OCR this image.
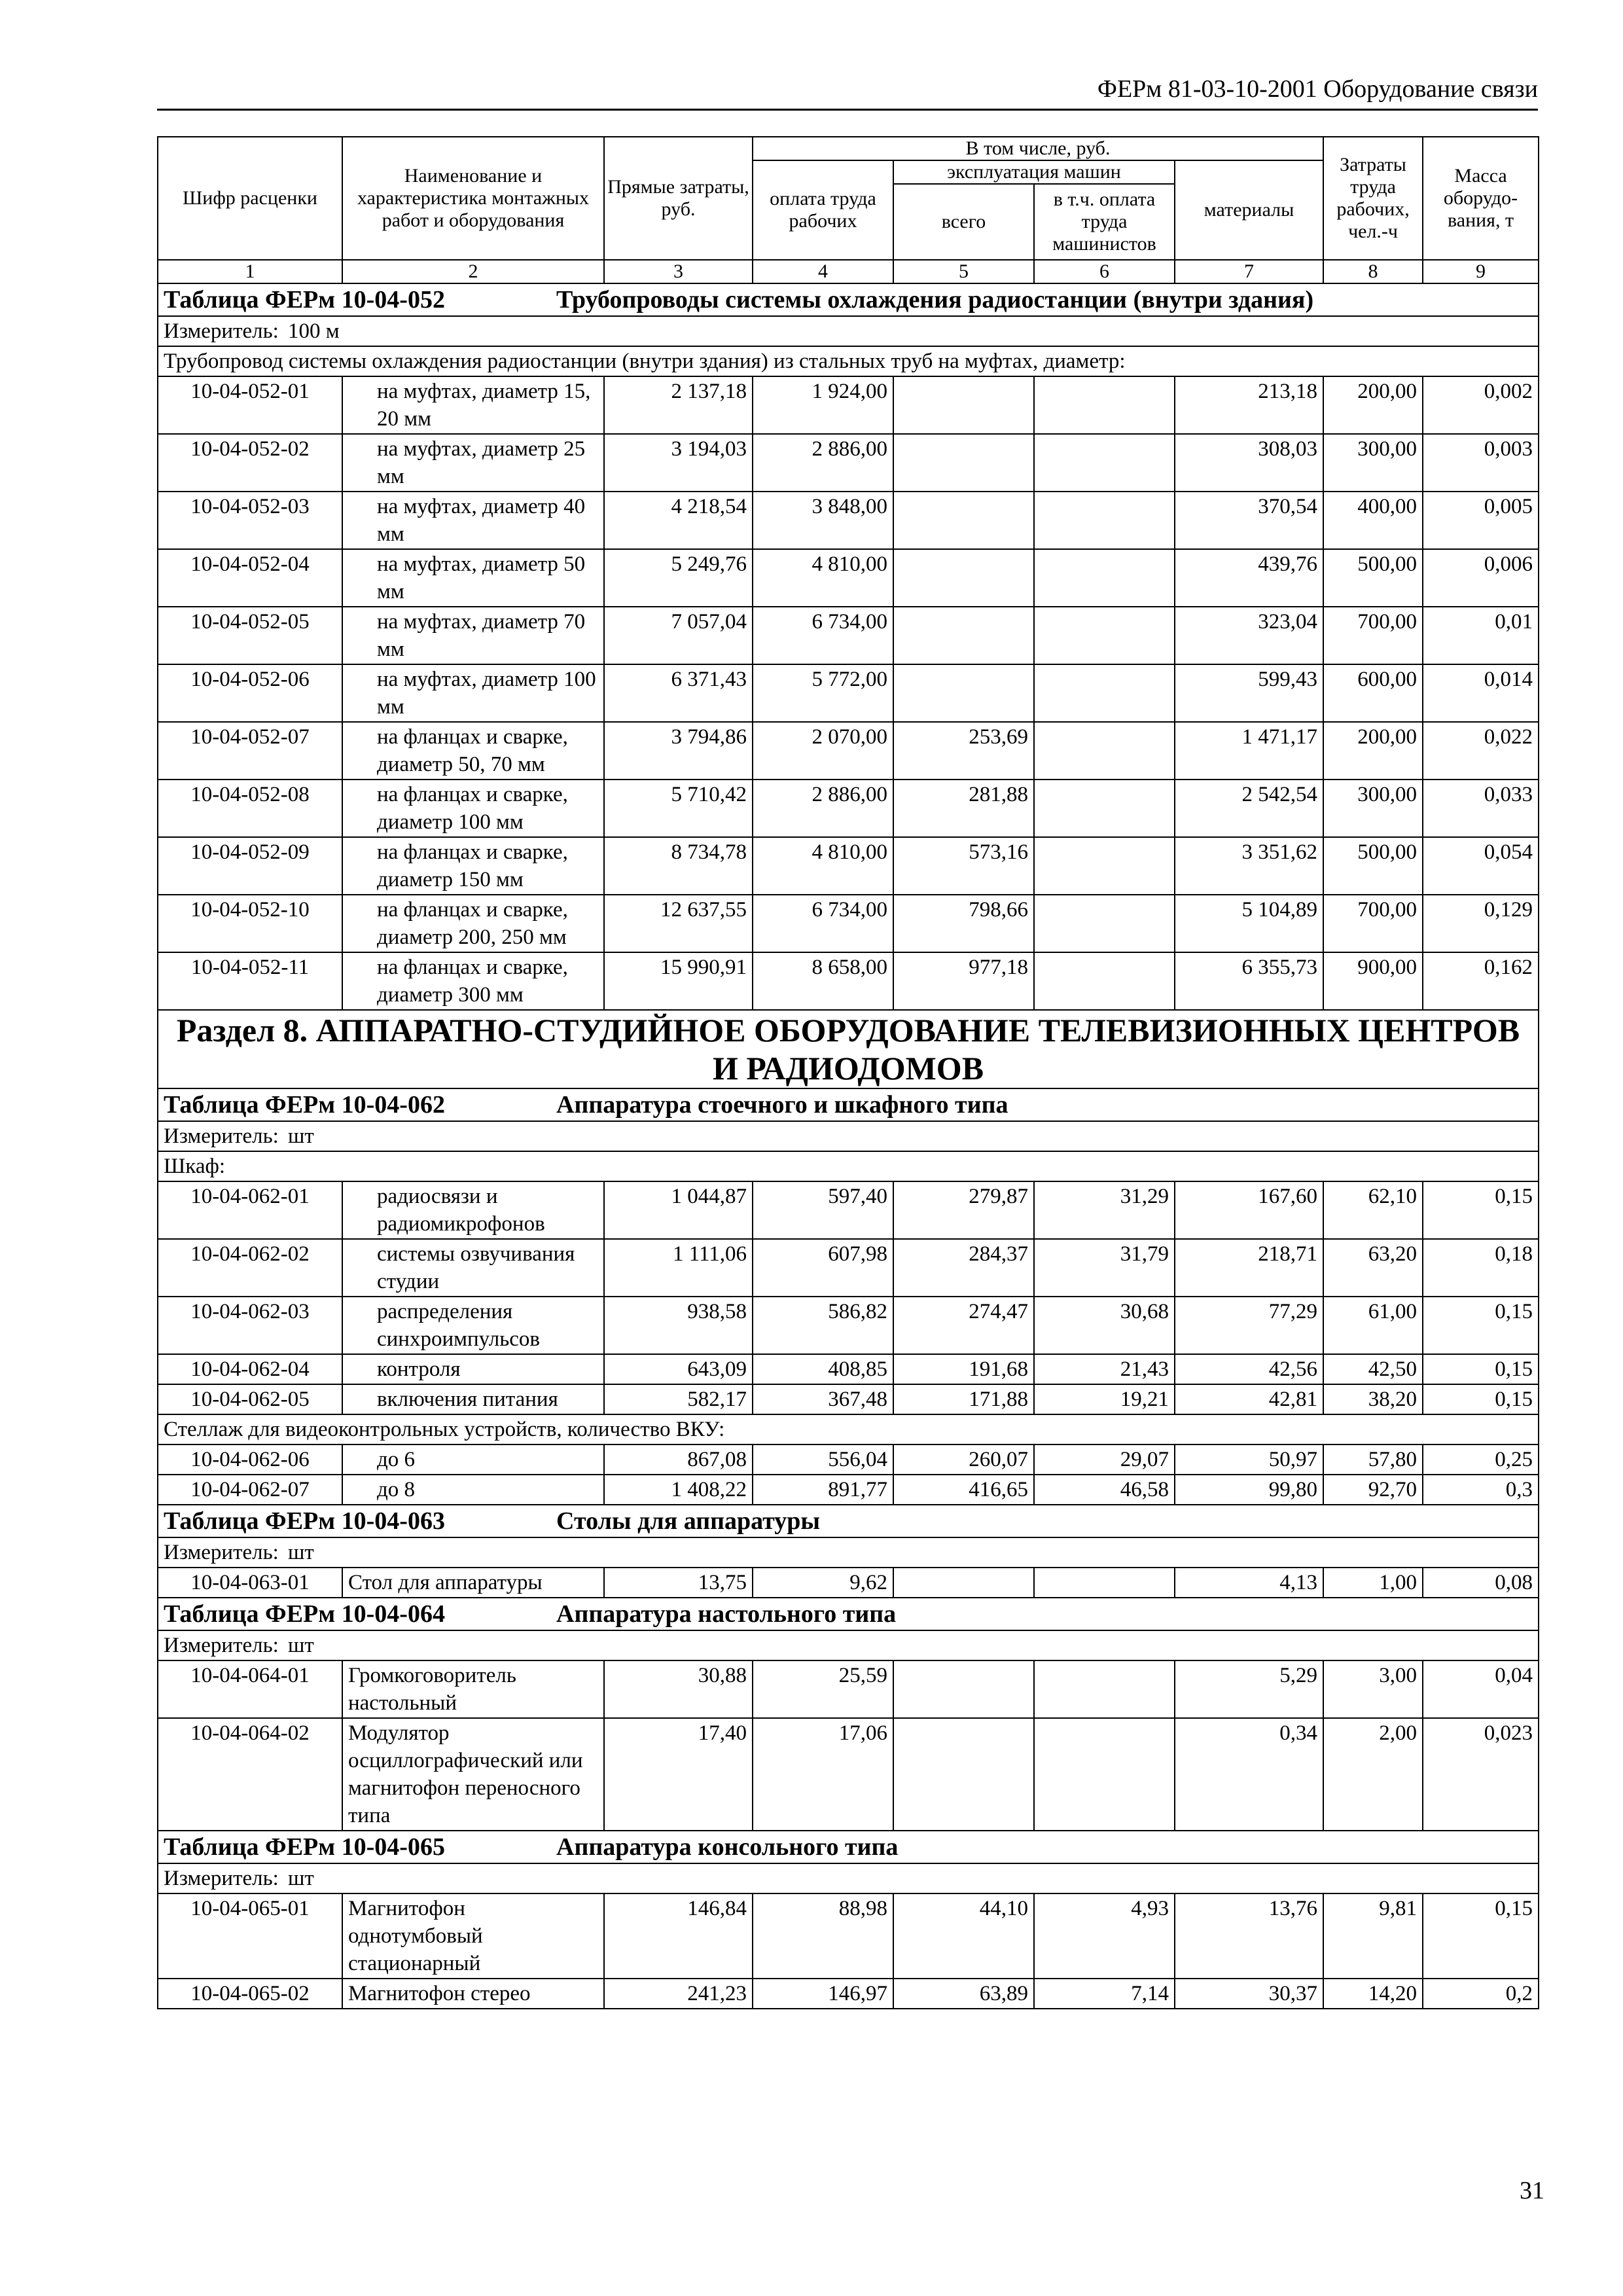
ФЕРм 81-03-10-2001 Оборудование связи
Шифр расценки	Наименование и характеристика монтажных работ и оборудования	Прямые затраты, руб.	В том числе, руб.				Затраты труда рабочих, чел.-ч	Масса оборудо-вания, т
			оплата труда рабочих	эксплуатация машин		материалы		
				всего	в т.ч. оплата труда машинистов			
1	2	3	4	5	6	7	8	9
Таблица ФЕРм 10-04-052 Трубопроводы системы охлаждения радиостанции (внутри здания)								
Измеритель: 100 м								
Трубопровод системы охлаждения радиостанции (внутри здания) из стальных труб на муфтах, диаметр:								
10-04-052-01	на муфтах, диаметр 15, 20 мм	2 137,18	1 924,00			213,18	200,00	0,002
10-04-052-02	на муфтах, диаметр 25 мм	3 194,03	2 886,00			308,03	300,00	0,003
10-04-052-03	на муфтах, диаметр 40 мм	4 218,54	3 848,00			370,54	400,00	0,005
10-04-052-04	на муфтах, диаметр 50 мм	5 249,76	4 810,00			439,76	500,00	0,006
10-04-052-05	на муфтах, диаметр 70 мм	7 057,04	6 734,00			323,04	700,00	0,01
10-04-052-06	на муфтах, диаметр 100 мм	6 371,43	5 772,00			599,43	600,00	0,014
10-04-052-07	на фланцах и сварке, диаметр 50, 70 мм	3 794,86	2 070,00	253,69		1 471,17	200,00	0,022
10-04-052-08	на фланцах и сварке, диаметр 100 мм	5 710,42	2 886,00	281,88		2 542,54	300,00	0,033
10-04-052-09	на фланцах и сварке, диаметр 150 мм	8 734,78	4 810,00	573,16		3 351,62	500,00	0,054
10-04-052-10	на фланцах и сварке, диаметр 200, 250 мм	12 637,55	6 734,00	798,66		5 104,89	700,00	0,129
10-04-052-11	на фланцах и сварке, диаметр 300 мм	15 990,91	8 658,00	977,18		6 355,73	900,00	0,162
Раздел 8. АППАРАТНО-СТУДИЙНОЕ ОБОРУДОВАНИЕ ТЕЛЕВИЗИОННЫХ ЦЕНТРОВ И РАДИОДОМОВ								
Таблица ФЕРм 10-04-062 Аппаратура стоечного и шкафного типа								
Измеритель: шт								
Шкаф:								
10-04-062-01	радиосвязи и радиомикрофонов	1 044,87	597,40	279,87	31,29	167,60	62,10	0,15
10-04-062-02	системы озвучивания студии	1 111,06	607,98	284,37	31,79	218,71	63,20	0,18
10-04-062-03	распределения синхроимпульсов	938,58	586,82	274,47	30,68	77,29	61,00	0,15
10-04-062-04	контроля	643,09	408,85	191,68	21,43	42,56	42,50	0,15
10-04-062-05	включения питания	582,17	367,48	171,88	19,21	42,81	38,20	0,15
Стеллаж для видеоконтрольных устройств, количество ВКУ:								
10-04-062-06	до 6	867,08	556,04	260,07	29,07	50,97	57,80	0,25
10-04-062-07	до 8	1 408,22	891,77	416,65	46,58	99,80	92,70	0,3
Таблица ФЕРм 10-04-063 Столы для аппаратуры								
Измеритель: шт								
10-04-063-01	Стол для аппаратуры	13,75	9,62			4,13	1,00	0,08
Таблица ФЕРм 10-04-064 Аппаратура настольного типа								
Измеритель: шт								
10-04-064-01	Громкоговоритель настольный	30,88	25,59			5,29	3,00	0,04
10-04-064-02	Модулятор осциллографический или магнитофон переносного типа	17,40	17,06			0,34	2,00	0,023
Таблица ФЕРм 10-04-065 Аппаратура консольного типа								
Измеритель: шт								
10-04-065-01	Магнитофон однотумбовый стационарный	146,84	88,98	44,10	4,93	13,76	9,81	0,15
10-04-065-02	Магнитофон стерео	241,23	146,97	63,89	7,14	30,37	14,20	0,2
31
